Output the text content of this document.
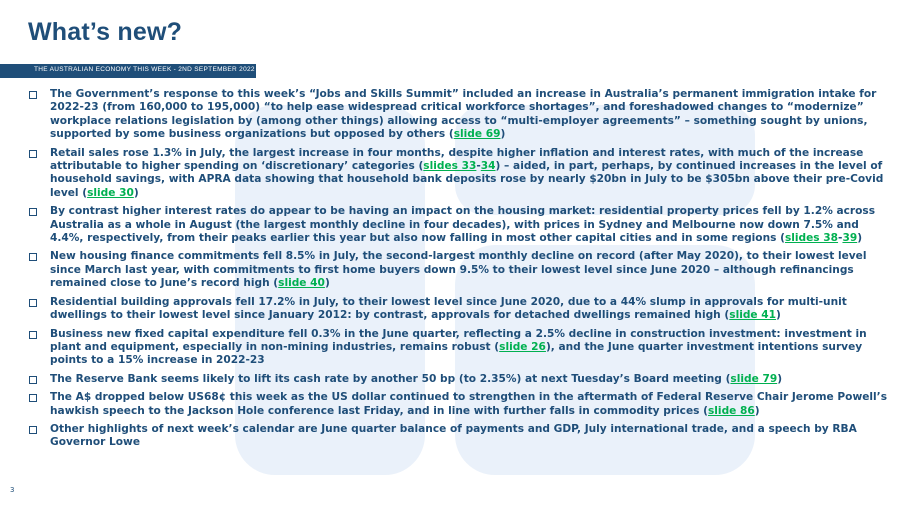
What’s new?
THE AUSTRALIAN ECONOMY THIS WEEK - 2ND SEPTEMBER 2022
The Government’s response to this week’s “Jobs and Skills Summit” included an increase in Australia’s permanent immigration intake for 2022-23 (from 160,000 to 195,000) “to help ease widespread critical workforce shortages”, and foreshadowed changes to “modernize” workplace relations legislation by (among other things) allowing access to “multi-employer agreements” – something sought by unions, supported by some business organizations but opposed by others (slide 69)
Retail sales rose 1.3% in July, the largest increase in four months, despite higher inflation and interest rates, with much of the increase attributable to higher spending on ‘discretionary’ categories (slides 33-34) – aided, in part, perhaps, by continued increases in the level of household savings, with APRA data showing that household bank deposits rose by nearly $20bn in July to be $305bn above their pre-Covid level (slide 30)
By contrast higher interest rates do appear to be having an impact on the housing market: residential property prices fell by 1.2% across Australia as a whole in August (the largest monthly decline in four decades), with prices in Sydney and Melbourne now down 7.5% and 4.4%, respectively, from their peaks earlier this year but also now falling in most other capital cities and in some regions (slides 38-39)
New housing finance commitments fell 8.5% in July, the second-largest monthly decline on record (after May 2020), to their lowest level since March last year, with commitments to first home buyers down 9.5% to their lowest level since June 2020 – although refinancings remained close to June’s record high (slide 40)
Residential building approvals fell 17.2% in July, to their lowest level since June 2020, due to a 44% slump in approvals for multi-unit dwellings to their lowest level since January 2012: by contrast, approvals for detached dwellings remained high (slide 41)
Business new fixed capital expenditure fell 0.3% in the June quarter, reflecting a 2.5% decline in construction investment: investment in plant and equipment, especially in non-mining industries, remains robust (slide 26), and the June quarter investment intentions survey points to a 15% increase in 2022-23
The Reserve Bank seems likely to lift its cash rate by another 50 bp (to 2.35%) at next Tuesday’s Board meeting (slide 79)
The A$ dropped below US68¢ this week as the US dollar continued to strengthen in the aftermath of Federal Reserve Chair Jerome Powell’s hawkish speech to the Jackson Hole conference last Friday, and in line with further falls in commodity prices (slide 86)
Other highlights of next week’s calendar are June quarter balance of payments and GDP, July international trade, and a speech by RBA Governor Lowe
3
